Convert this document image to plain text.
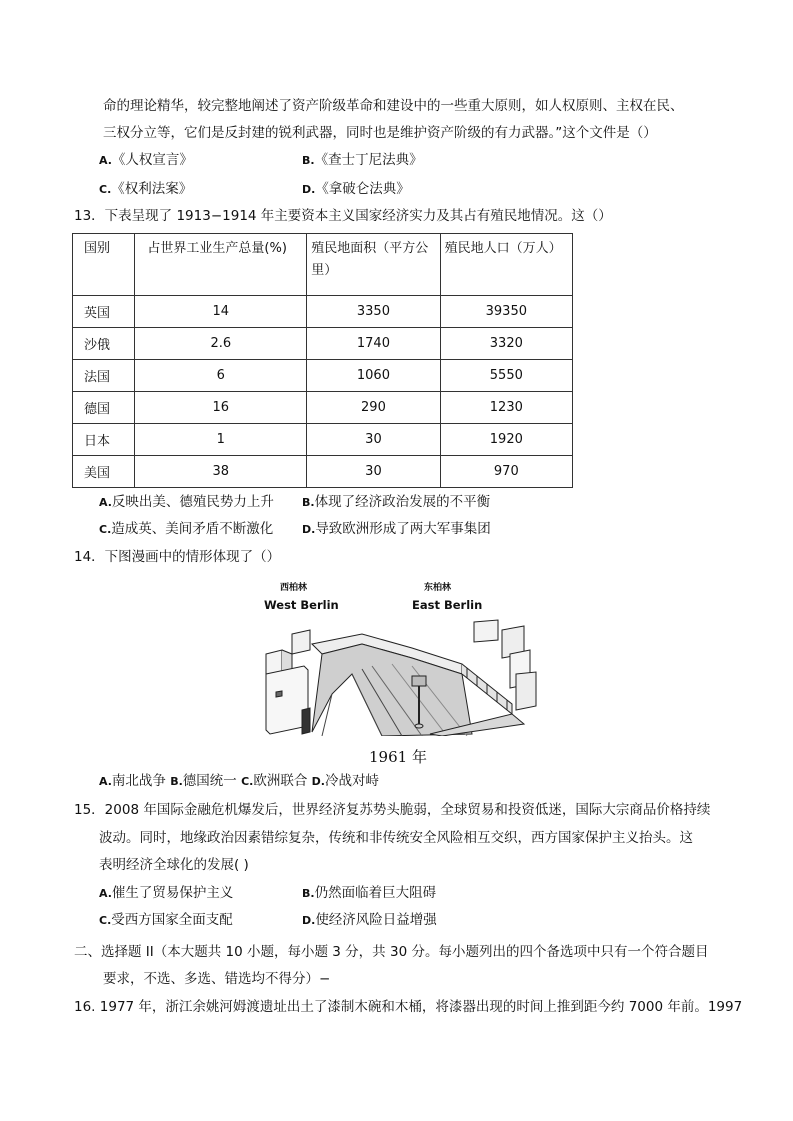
命的理论精华，较完整地阐述了资产阶级革命和建设中的一些重大原则，如人权原则、主权在民、
三权分立等，它们是反封建的锐利武器，同时也是维护资产阶级的有力武器。”这个文件是（）
A.《人权宣言》	B.《查士丁尼法典》
C.《权利法案》	D.《拿破仑法典》
13．下表呈现了 1913−1914 年主要资本主义国家经济实力及其占有殖民地情况。这（）
国别	占世界工业生产总量(%)	殖民地面积（平方公里）	殖民地人口（万人）
英国	14	3350	39350
沙俄	2.6	1740	3320
法国	6	1060	5550
德国	16	290	1230
日本	1	30	1920
美国	38	30	970
A.反映出美、德殖民势力上升	B.体现了经济政治发展的不平衡
C.造成英、美间矛盾不断激化	D.导致欧洲形成了两大军事集团
14．下图漫画中的情形体现了（）
西柏林
West Berlin
东柏林
East Berlin
1961 年
A.南北战争 B.德国统一 C.欧洲联合 D.冷战对峙
15．2008 年国际金融危机爆发后，世界经济复苏势头脆弱，全球贸易和投资低迷，国际大宗商品价格持续
波动。同时，地缘政治因素错综复杂，传统和非传统安全风险相互交织，西方国家保护主义抬头。这
表明经济全球化的发展( )
A.催生了贸易保护主义	B.仍然面临着巨大阻碍
C.受西方国家全面支配	D.使经济风险日益增强
二、选择题 II（本大题共 10 小题，每小题 3 分，共 30 分。每小题列出的四个备选项中只有一个符合题目
要求，不选、多选、错选均不得分）−
16. 1977 年，浙江余姚河姆渡遗址出土了漆制木碗和木桶，将漆器出现的时间上推到距今约 7000 年前。1997
